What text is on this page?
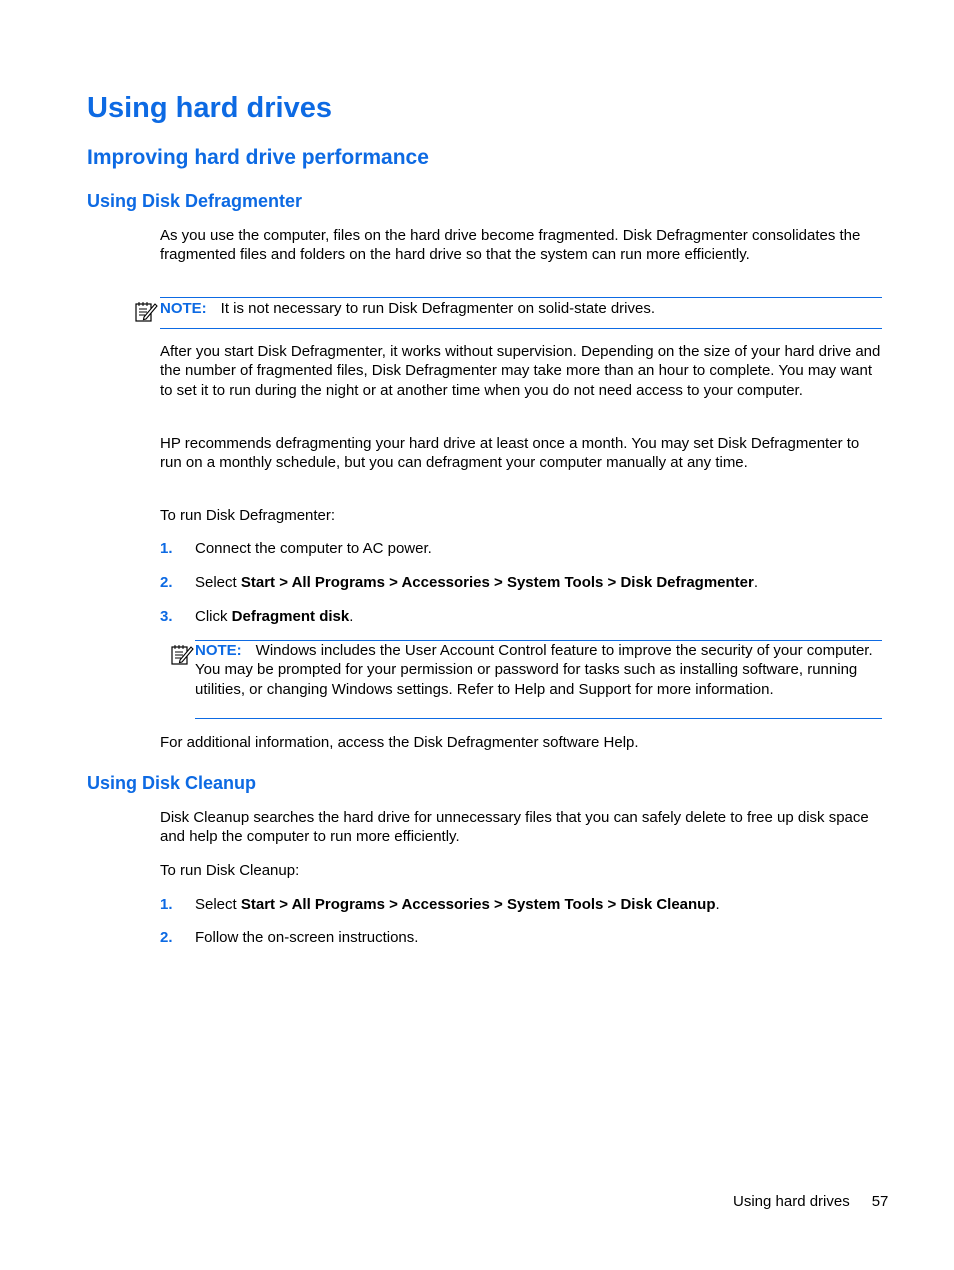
Using hard drives
Improving hard drive performance
Using Disk Defragmenter

As you use the computer, files on the hard drive become fragmented. Disk Defragmenter consolidates the fragmented files and folders on the hard drive so that the system can run more efficiently.

NOTE: It is not necessary to run Disk Defragmenter on solid-state drives.

After you start Disk Defragmenter, it works without supervision. Depending on the size of your hard drive and the number of fragmented files, Disk Defragmenter may take more than an hour to complete. You may want to set it to run during the night or at another time when you do not need access to your computer.

HP recommends defragmenting your hard drive at least once a month. You may set Disk Defragmenter to run on a monthly schedule, but you can defragment your computer manually at any time.

To run Disk Defragmenter:

1. Connect the computer to AC power.
2. Select Start > All Programs > Accessories > System Tools > Disk Defragmenter.
3. Click Defragment disk.

NOTE: Windows includes the User Account Control feature to improve the security of your computer. You may be prompted for your permission or password for tasks such as installing software, running utilities, or changing Windows settings. Refer to Help and Support for more information.

For additional information, access the Disk Defragmenter software Help.

Using Disk Cleanup

Disk Cleanup searches the hard drive for unnecessary files that you can safely delete to free up disk space and help the computer to run more efficiently.

To run Disk Cleanup:

1. Select Start > All Programs > Accessories > System Tools > Disk Cleanup.
2. Follow the on-screen instructions.
Using hard drives 57
